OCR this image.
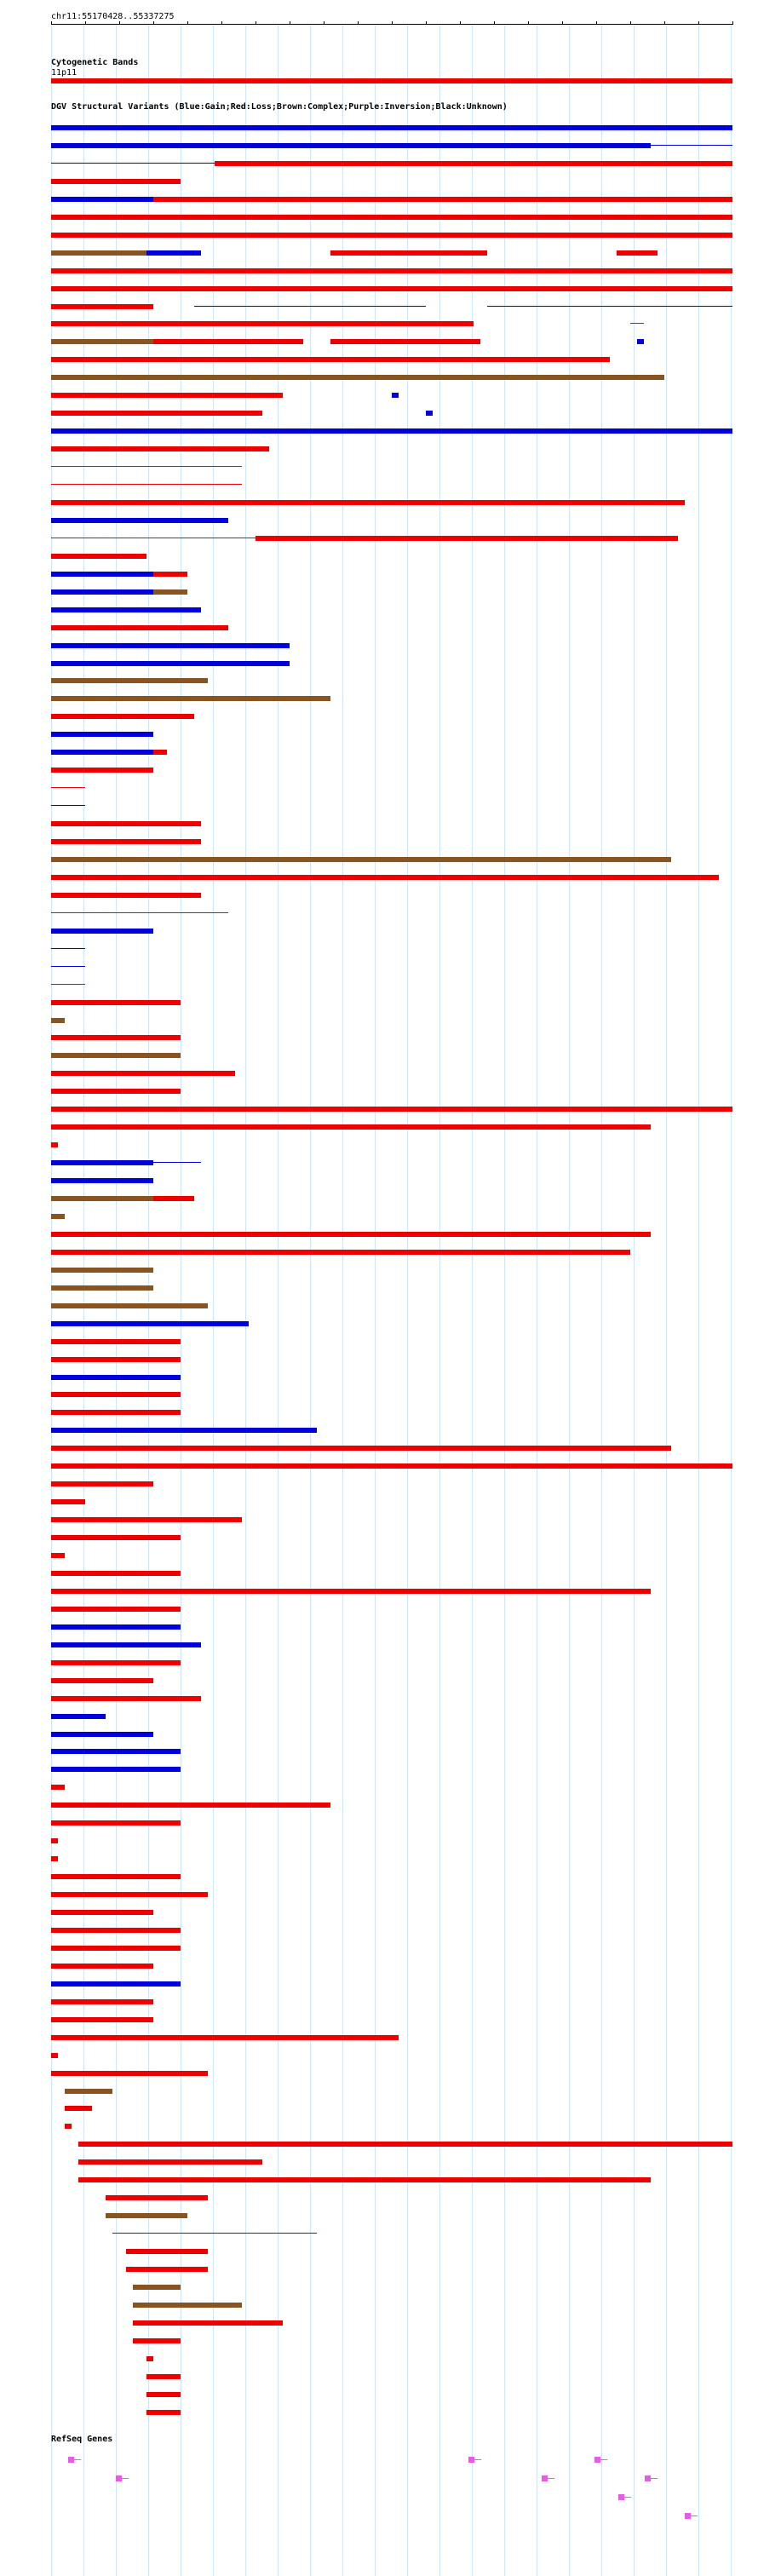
chr11:55170428..55337275
Cytogenetic Bands
11p11
DGV Structural Variants (Blue:Gain;Red:Loss;Brown:Complex;Purple:Inversion;Black:Unknown)
RefSeq Genes
